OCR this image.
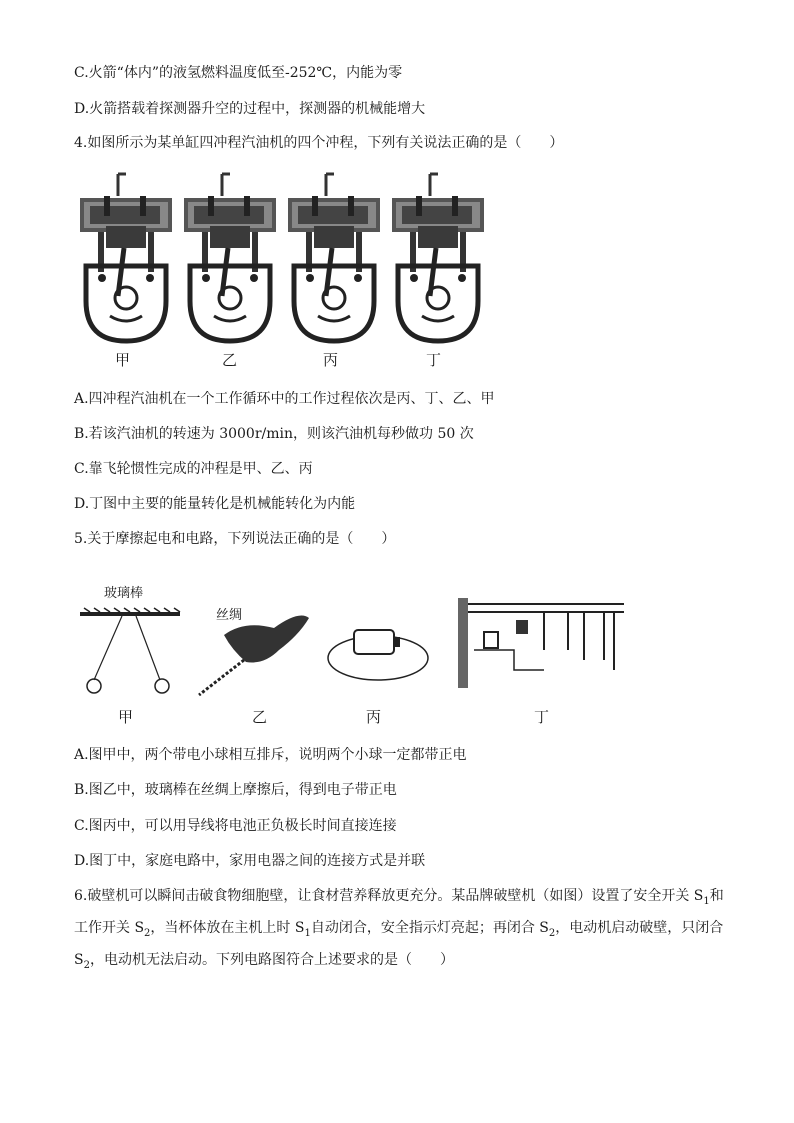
C.火箭“体内”的液氢燃料温度低至-252℃，内能为零
D.火箭搭载着探测器升空的过程中，探测器的机械能增大
4.如图所示为某单缸四冲程汽油机的四个冲程，下列有关说法正确的是（　　）
甲	乙	丙	丁
A.四冲程汽油机在一个工作循环中的工作过程依次是丙、丁、乙、甲
B.若该汽油机的转速为 3000r/min，则该汽油机每秒做功 50 次
C.靠飞轮惯性完成的冲程是甲、乙、丙
D.丁图中主要的能量转化是机械能转化为内能
5.关于摩擦起电和电路，下列说法正确的是（　　）
玻璃棒
丝绸
甲	乙	丙	丁
A.图甲中，两个带电小球相互排斥，说明两个小球一定都带正电
B.图乙中，玻璃棒在丝绸上摩擦后，得到电子带正电
C.图丙中，可以用导线将电池正负极长时间直接连接
D.图丁中，家庭电路中，家用电器之间的连接方式是并联
6.破壁机可以瞬间击破食物细胞壁，让食材营养释放更充分。某品牌破壁机（如图）设置了安全开关 $S_1$和
工作开关 $S_2$，当杯体放在主机上时 $S_1$自动闭合，安全指示灯亮起；再闭合 $S_2$，电动机启动破壁，只闭合
$S_2$，电动机无法启动。下列电路图符合上述要求的是（　　）
